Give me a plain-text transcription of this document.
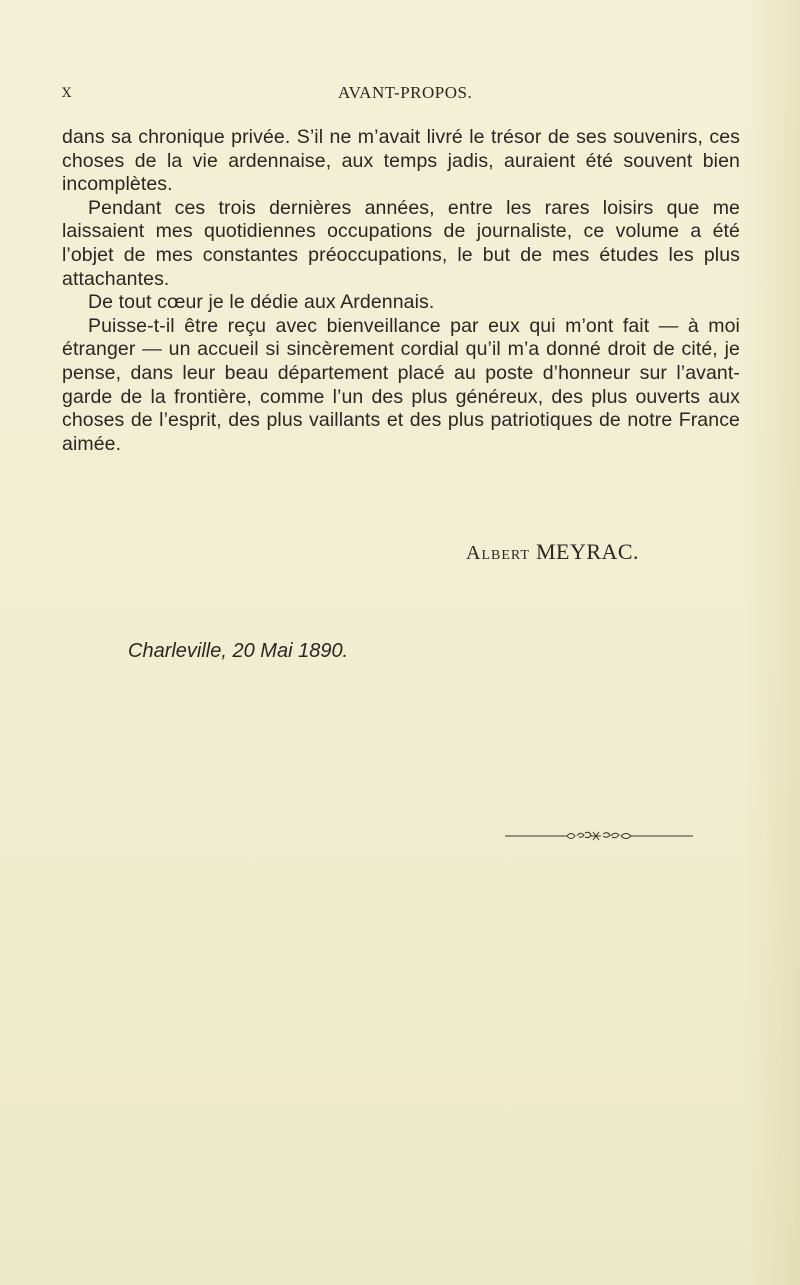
X	AVANT-PROPOS.

dans sa chronique privée. S’il ne m’avait livré le trésor de ses souvenirs, ces choses de la vie ardennaise, aux temps jadis, auraient été souvent bien incomplètes.

Pendant ces trois dernières années, entre les rares loisirs que me laissaient mes quotidiennes occupations de journaliste, ce volume a été l’objet de mes constantes préoccupations, le but de mes études les plus attachantes.

De tout cœur je le dédie aux Ardennais.

Puisse-t-il être reçu avec bienveillance par eux qui m’ont fait — à moi étranger — un accueil si sincèrement cordial qu’il m’a donné droit de cité, je pense, dans leur beau département placé au poste d’honneur sur l’avant-garde de la frontière, comme l’un des plus généreux, des plus ouverts aux choses de l’esprit, des plus vaillants et des plus patriotiques de notre France aimée.

Albert MEYRAC.
Charleville, 20 Mai 1890.
